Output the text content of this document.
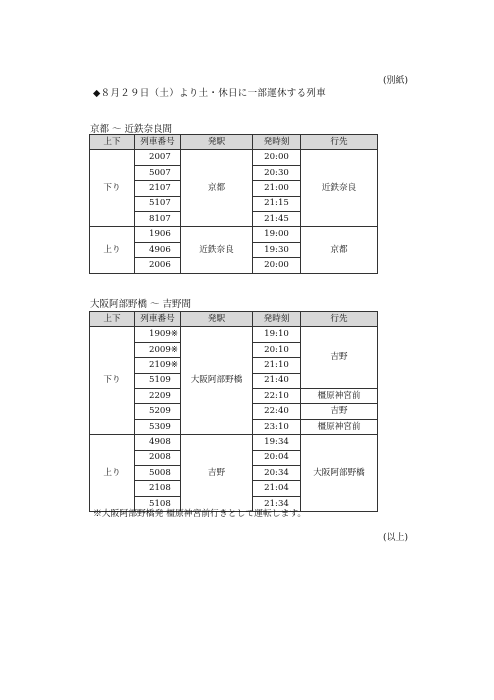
(別紙)
◆８月２９日（土）より土・休日に一部運休する列車
京都 ～ 近鉄奈良間
上下	列車番号	発駅	発時刻	行先
下り	2007	京都	20:00	近鉄奈良
	5007		20:30	
	2107		21:00	
	5107		21:15	
	8107		21:45	
上り	1906	近鉄奈良	19:00	京都
	4906		19:30	
	2006		20:00	
大阪阿部野橋 ～ 吉野間
上下	列車番号	発駅	発時刻	行先
下り	1909※	大阪阿部野橋	19:10	吉野
	2009※		20:10	
	2109※		21:10	
	5109		21:40	
	2209		22:10	橿原神宮前
	5209		22:40	吉野
	5309		23:10	橿原神宮前
上り	4908	吉野	19:34	大阪阿部野橋
	2008		20:04	
	5008		20:34	
	2108		21:04	
	5108		21:34	
※大阪阿部野橋発 橿原神宮前行きとして運転します。
(以上)
